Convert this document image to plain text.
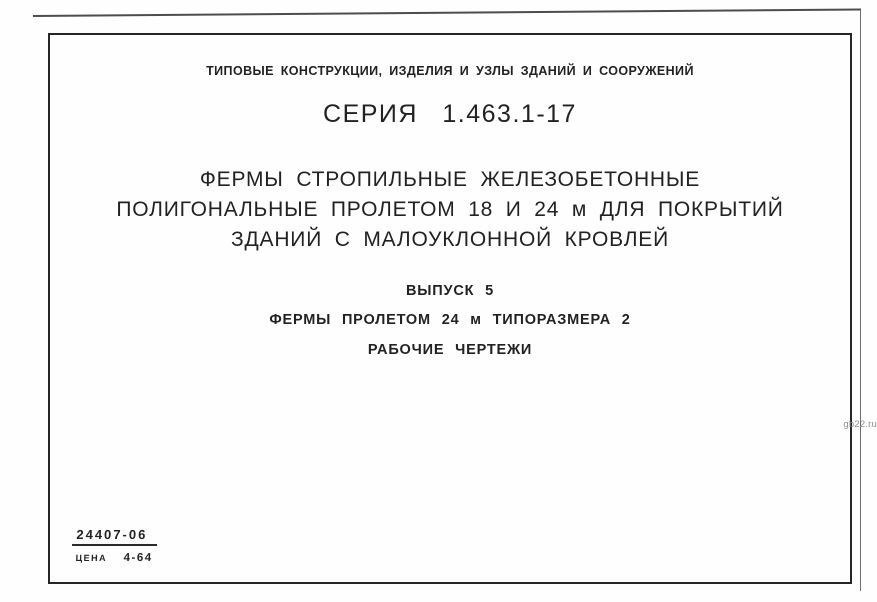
ТИПОВЫЕ КОНСТРУКЦИИ, ИЗДЕЛИЯ И УЗЛЫ ЗДАНИЙ И СООРУЖЕНИЙ
СЕРИЯ 1.463.1-17
ФЕРМЫ СТРОПИЛЬНЫЕ ЖЕЛЕЗОБЕТОННЫЕ
ПОЛИГОНАЛЬНЫЕ ПРОЛЕТОМ 18 И 24 м ДЛЯ ПОКРЫТИЙ
ЗДАНИЙ С МАЛОУКЛОННОЙ КРОВЛЕЙ
ВЫПУСК 5
ФЕРМЫ ПРОЛЕТОМ 24 м ТИПОРАЗМЕРА 2
РАБОЧИЕ ЧЕРТЕЖИ
24407-06
ЦЕНА 4-64
gb22.ru
